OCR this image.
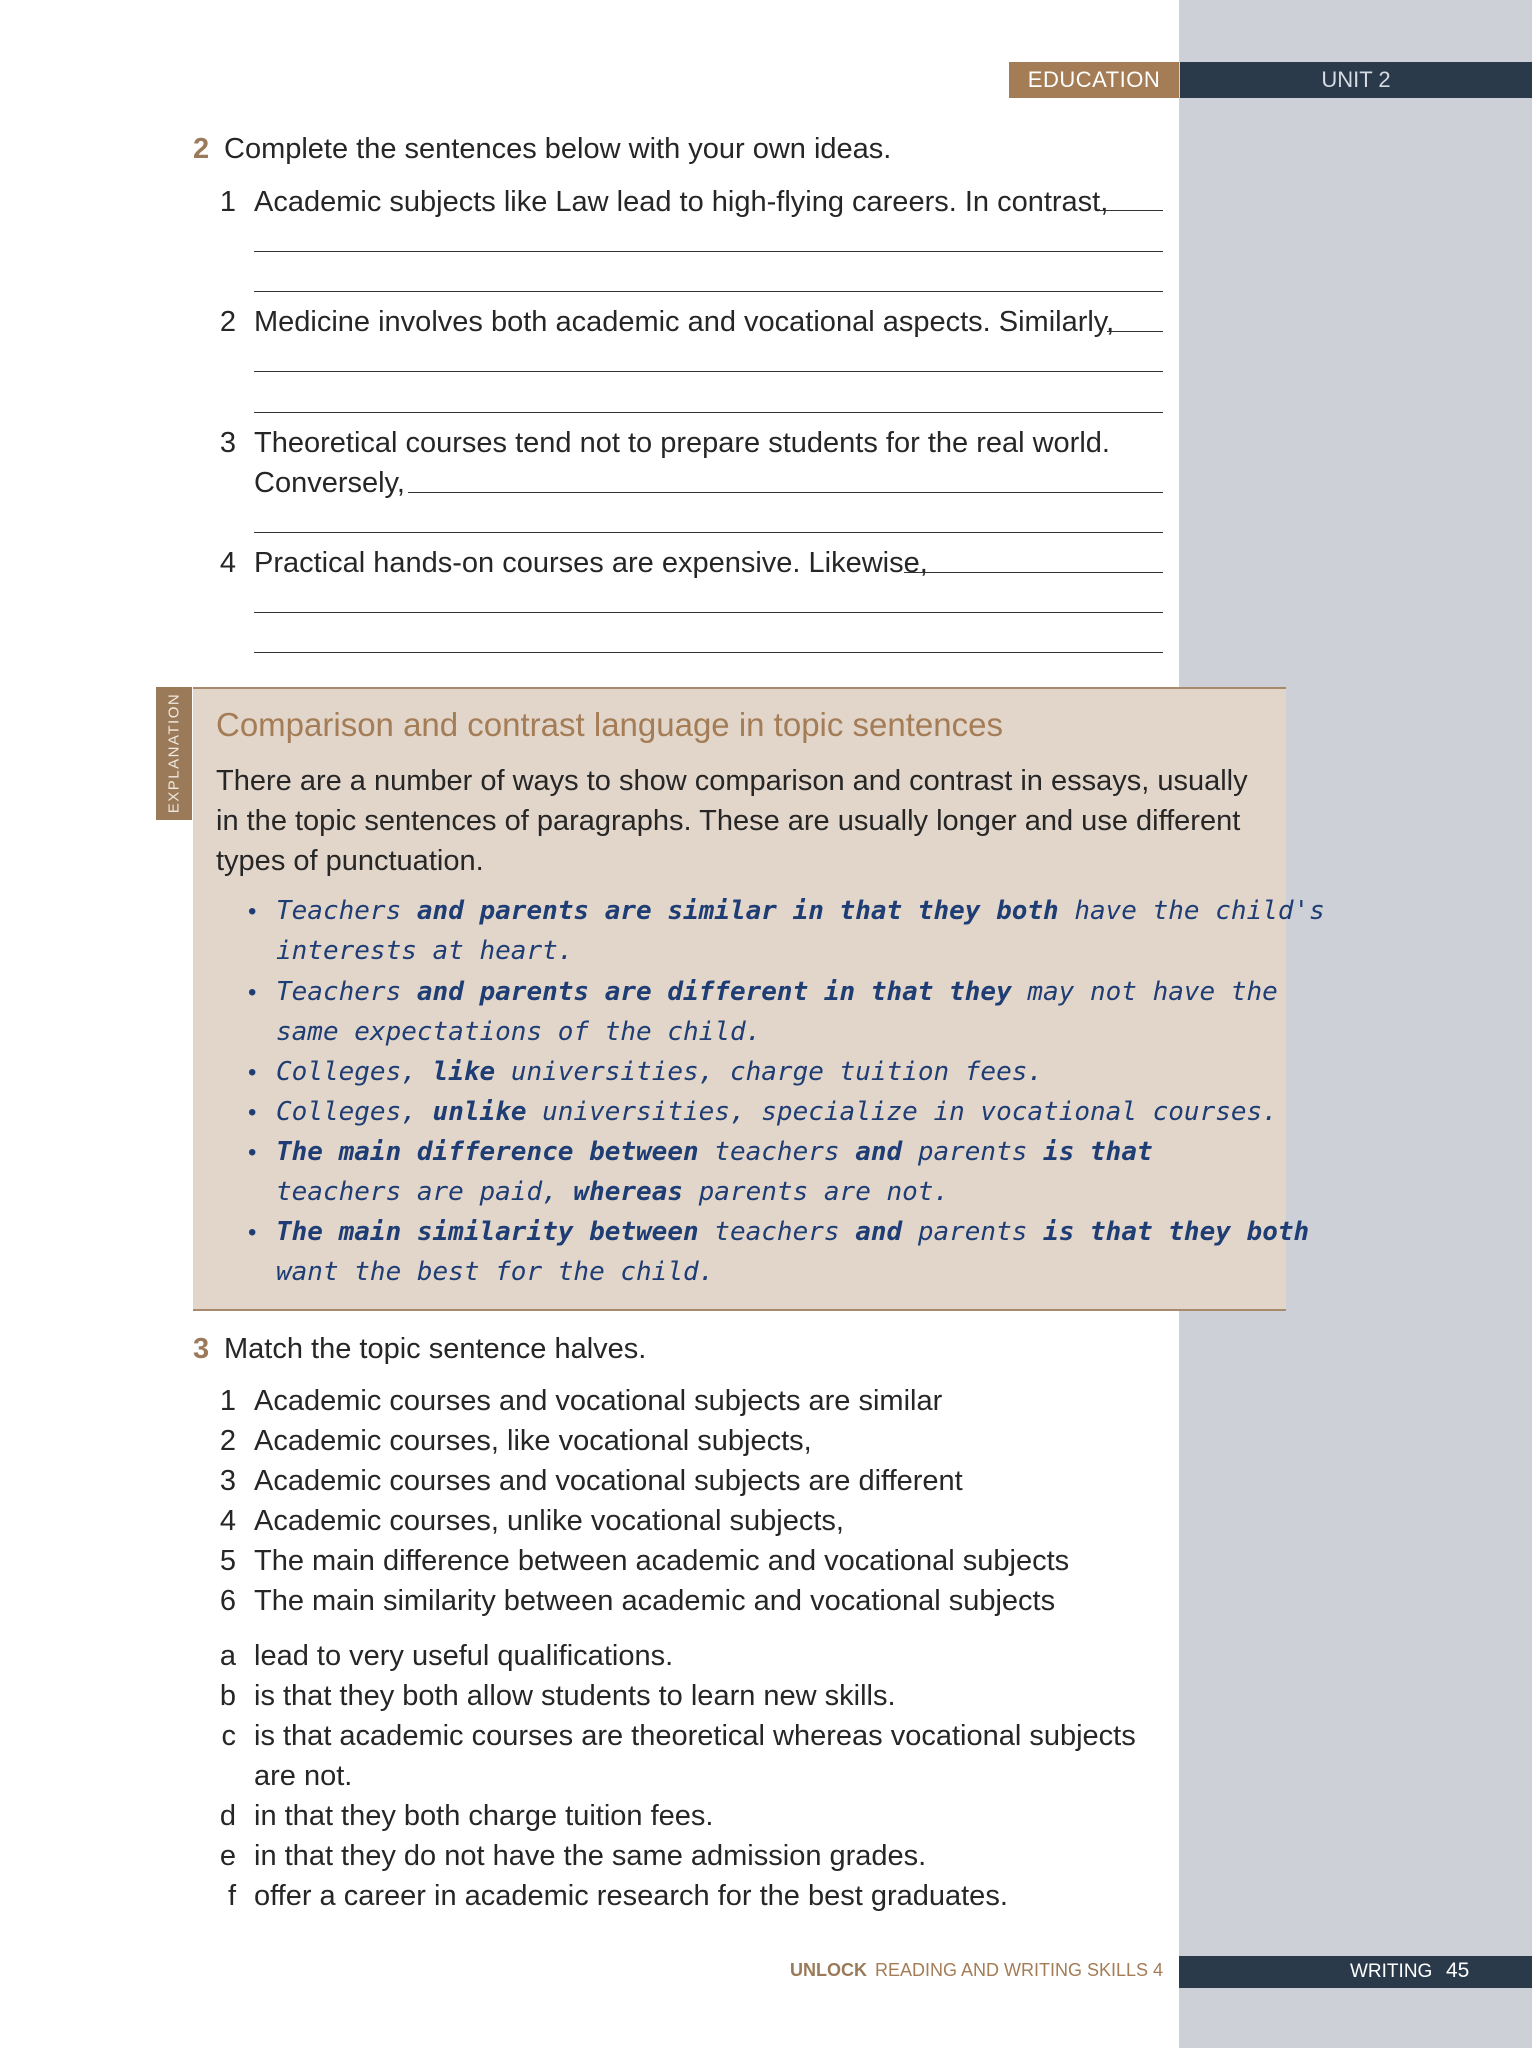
EDUCATION	UNIT 2
2 Complete the sentences below with your own ideas.
1 Academic subjects like Law lead to high-flying careers. In contrast,
2 Medicine involves both academic and vocational aspects. Similarly,
3 Theoretical courses tend not to prepare students for the real world.
Conversely,
4 Practical hands-on courses are expensive. Likewise,
EXPLANATION Comparison and contrast language in topic sentences
There are a number of ways to show comparison and contrast in essays, usually
in the topic sentences of paragraphs. These are usually longer and use different
types of punctuation.
• Teachers and parents are similar in that they both have the child's
interests at heart.
• Teachers and parents are different in that they may not have the
same expectations of the child.
• Colleges, like universities, charge tuition fees.
• Colleges, unlike universities, specialize in vocational courses.
• The main difference between teachers and parents is that
teachers are paid, whereas parents are not.
• The main similarity between teachers and parents is that they both
want the best for the child.
3 Match the topic sentence halves.
1 Academic courses and vocational subjects are similar
2 Academic courses, like vocational subjects,
3 Academic courses and vocational subjects are different
4 Academic courses, unlike vocational subjects,
5 The main difference between academic and vocational subjects
6 The main similarity between academic and vocational subjects
a lead to very useful qualifications.
b is that they both allow students to learn new skills.
c is that academic courses are theoretical whereas vocational subjects
are not.
d in that they both charge tuition fees.
e in that they do not have the same admission grades.
f offer a career in academic research for the best graduates.
UNLOCK READING AND WRITING SKILLS 4	WRITING 45
